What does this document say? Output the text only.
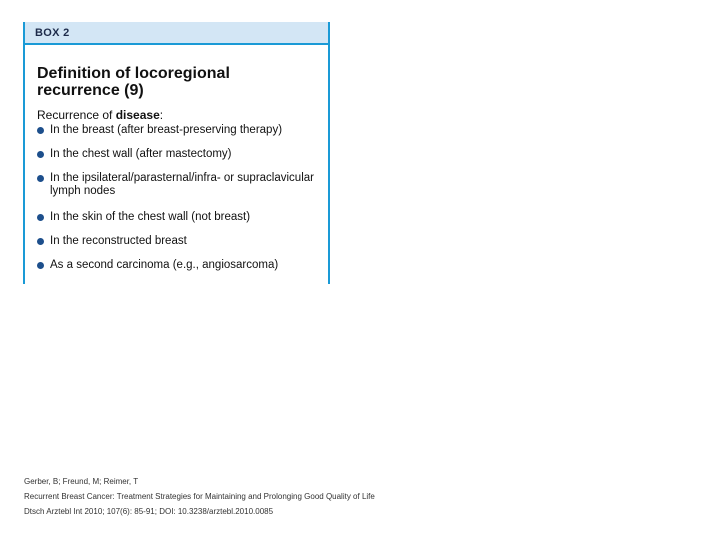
BOX 2
Definition of locoregional recurrence (9)
Recurrence of disease:
In the breast (after breast-preserving therapy)
In the chest wall (after mastectomy)
In the ipsilateral/parasternal/infra- or supraclavicular lymph nodes
In the skin of the chest wall (not breast)
In the reconstructed breast
As a second carcinoma (e.g., angiosarcoma)
Gerber, B; Freund, M; Reimer, T
Recurrent Breast Cancer: Treatment Strategies for Maintaining and Prolonging Good Quality of Life
Dtsch Arztebl Int 2010; 107(6): 85-91; DOI: 10.3238/arztebl.2010.0085
